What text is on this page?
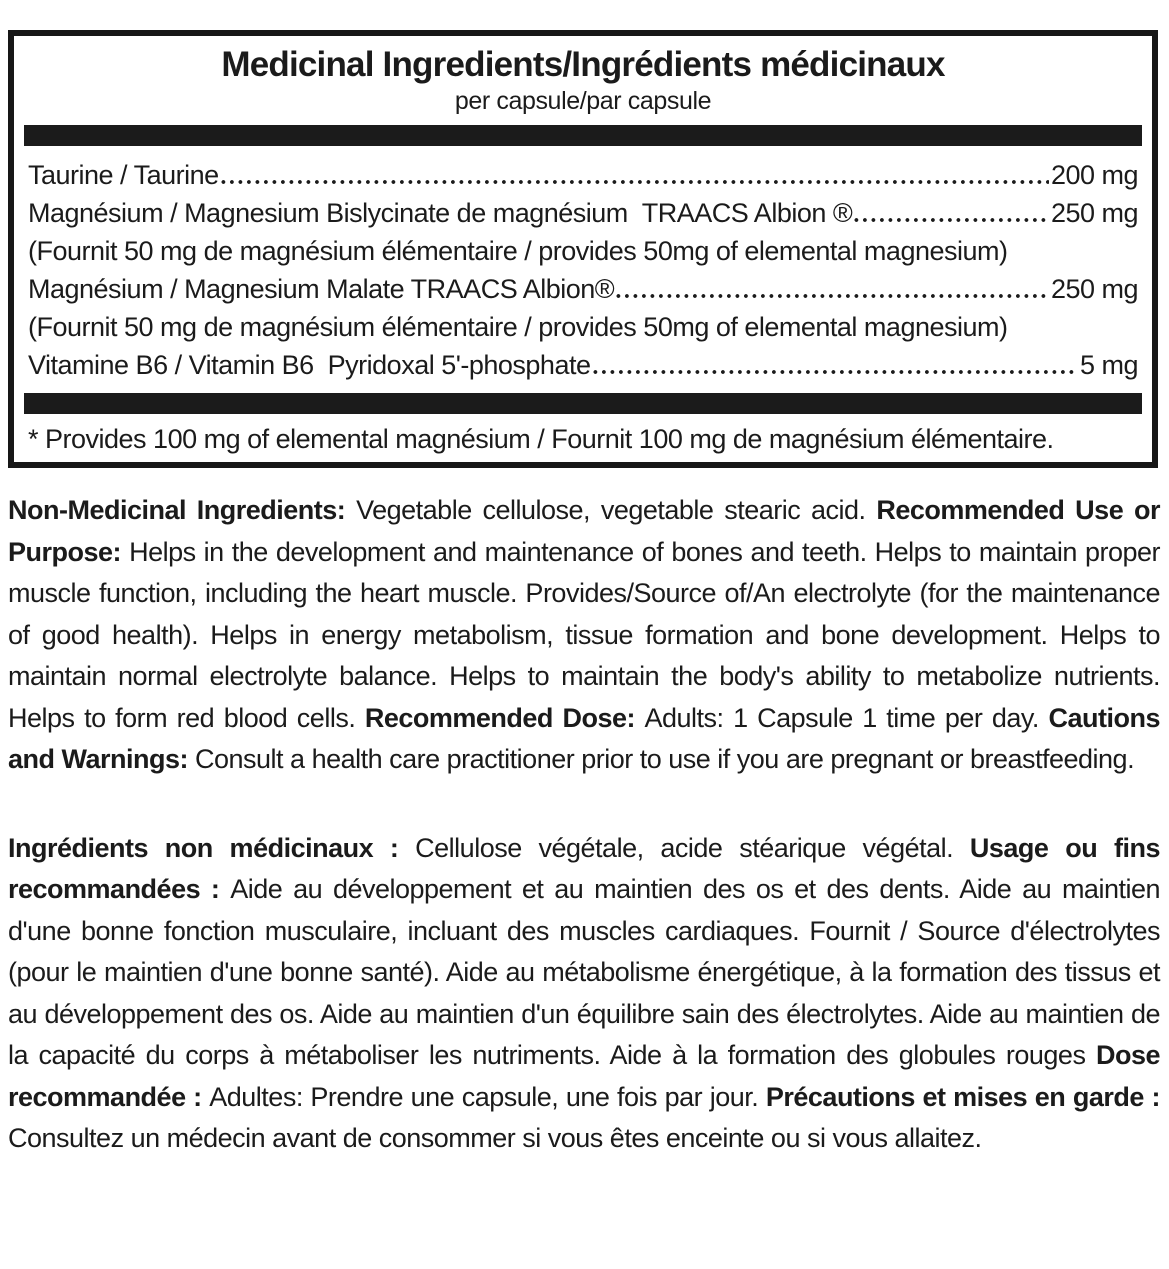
Medicinal Ingredients/Ingrédients médicinaux
per capsule/par capsule
Taurine / Taurine	200 mg
Magnésium / Magnesium Bislycinate de magnésium  TRAACS Albion ®	250 mg
(Fournit 50 mg de magnésium élémentaire / provides 50mg of elemental magnesium)
Magnésium / Magnesium Malate TRAACS Albion®	250 mg
(Fournit 50 mg de magnésium élémentaire / provides 50mg of elemental magnesium)
Vitamine B6 / Vitamin B6  Pyridoxal 5'-phosphate	5 mg
* Provides 100 mg of elemental magnésium / Fournit 100 mg de magnésium élémentaire.

Non-Medicinal Ingredients: Vegetable cellulose, vegetable stearic acid. Recommended Use or Purpose: Helps in the development and maintenance of bones and teeth. Helps to maintain proper muscle function, including the heart muscle. Provides/Source of/An electrolyte (for the maintenance of good health). Helps in energy metabolism, tissue formation and bone development. Helps to maintain normal electrolyte balance. Helps to maintain the body's ability to metabolize nutrients. Helps to form red blood cells. Recommended Dose: Adults: 1 Capsule 1 time per day. Cautions and Warnings: Consult a health care practitioner prior to use if you are pregnant or breastfeeding.

Ingrédients non médicinaux : Cellulose végétale, acide stéarique végétal. Usage ou fins recommandées : Aide au développement et au maintien des os et des dents. Aide au maintien d'une bonne fonction musculaire, incluant des muscles cardiaques. Fournit / Source d'électrolytes (pour le maintien d'une bonne santé). Aide au métabolisme énergétique, à la formation des tissus et au développement des os. Aide au maintien d'un équilibre sain des électrolytes. Aide au maintien de la capacité du corps à métaboliser les nutriments. Aide à la formation des globules rouges Dose recommandée : Adultes: Prendre une capsule, une fois par jour. Précautions et mises en garde : Consultez un médecin avant de consommer si vous êtes enceinte ou si vous allaitez.
